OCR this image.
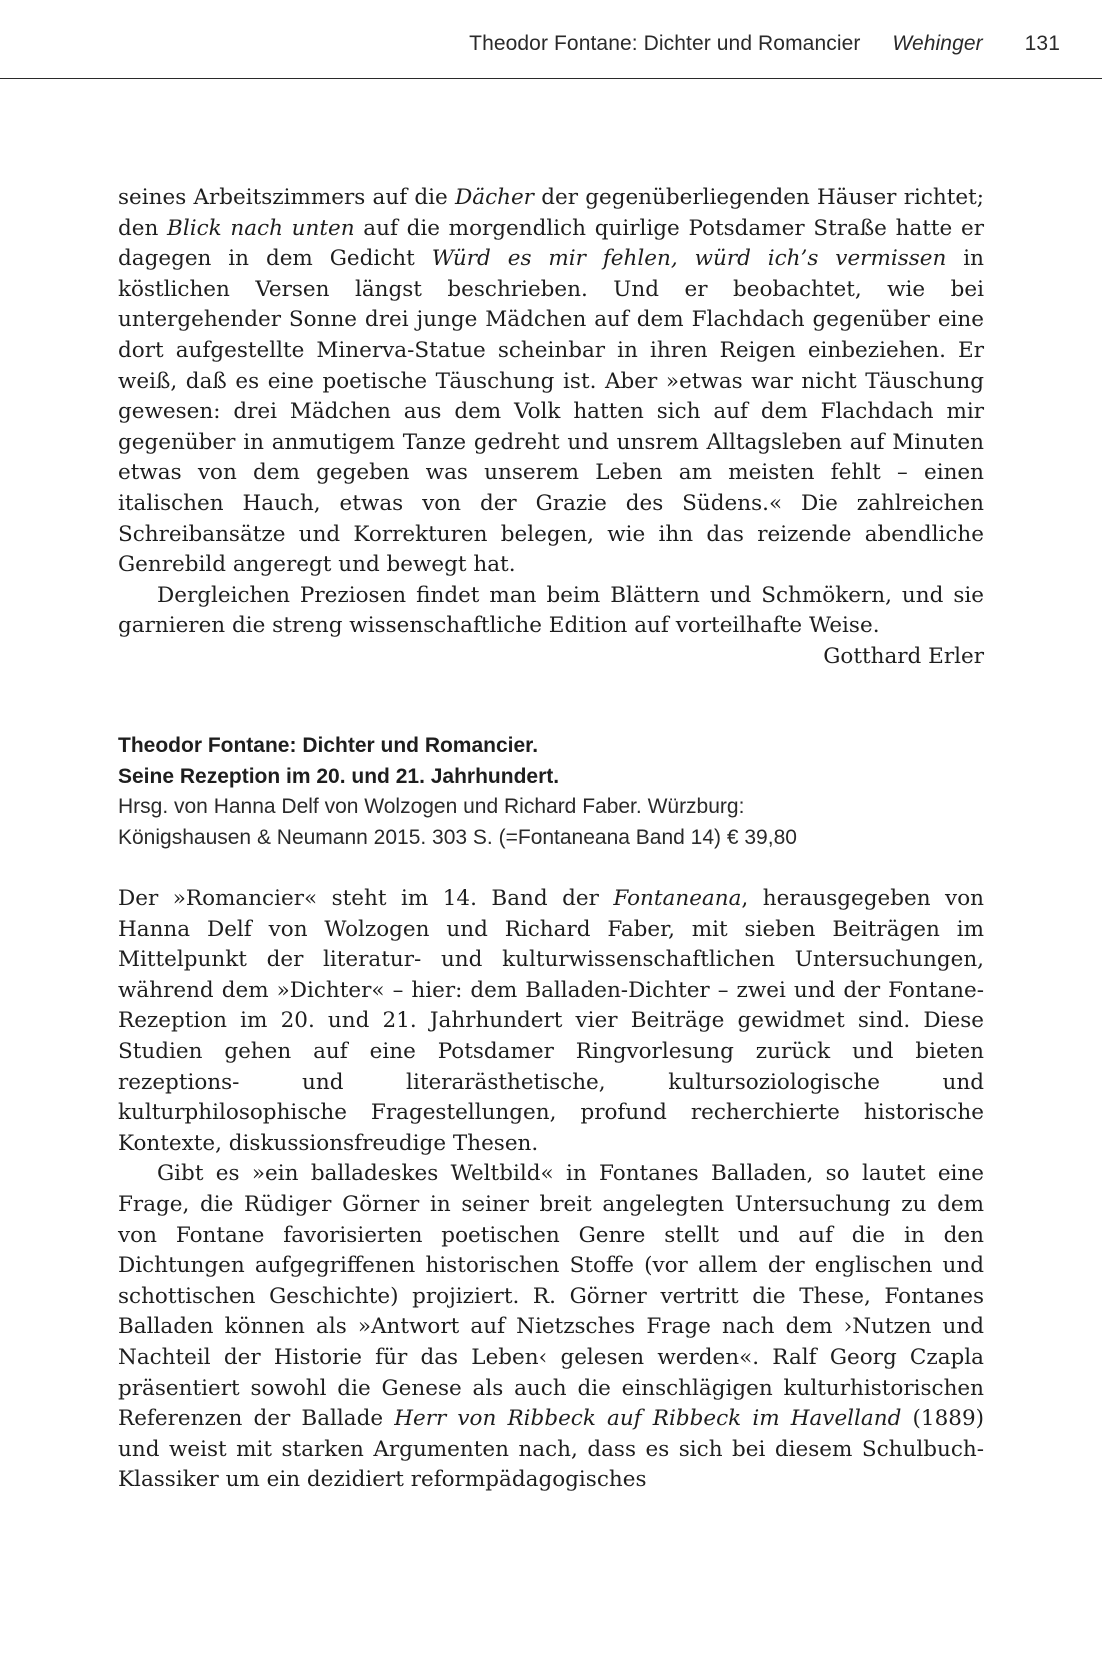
Theodor Fontane: Dichter und Romancier Wehinger 131

seines Arbeitszimmers auf die Dächer der gegenüberliegenden Häuser richtet; den Blick nach unten auf die morgendlich quirlige Potsdamer Straße hatte er dagegen in dem Gedicht Würd es mir fehlen, würd ich’s vermissen in köstlichen Versen längst beschrieben. Und er beobachtet, wie bei untergehender Sonne drei junge Mädchen auf dem Flachdach gegenüber eine dort aufgestellte Minerva-Statue scheinbar in ihren Reigen einbeziehen. Er weiß, daß es eine poetische Täuschung ist. Aber »etwas war nicht Täuschung gewesen: drei Mädchen aus dem Volk hatten sich auf dem Flachdach mir gegenüber in anmutigem Tanze gedreht und unsrem Alltagsleben auf Minuten etwas von dem gegeben was unserem Leben am meisten fehlt – einen italischen Hauch, etwas von der Grazie des Südens.« Die zahlreichen Schreibansätze und Korrekturen belegen, wie ihn das reizende abendliche Genrebild angeregt und bewegt hat.

Dergleichen Preziosen findet man beim Blättern und Schmökern, und sie garnieren die streng wissenschaftliche Edition auf vorteilhafte Weise.

Gotthard Erler

Theodor Fontane: Dichter und Romancier.
Seine Rezeption im 20. und 21. Jahrhundert.
Hrsg. von Hanna Delf von Wolzogen und Richard Faber. Würzburg:
Königshausen & Neumann 2015. 303 S. (=Fontaneana Band 14) € 39,80

Der »Romancier« steht im 14. Band der Fontaneana, herausgegeben von Hanna Delf von Wolzogen und Richard Faber, mit sieben Beiträgen im Mittelpunkt der literatur- und kulturwissenschaftlichen Untersuchungen, während dem »Dichter« – hier: dem Balladen-Dichter – zwei und der Fontane-Rezeption im 20. und 21. Jahrhundert vier Beiträge gewidmet sind. Diese Studien gehen auf eine Potsdamer Ringvorlesung zurück und bieten rezeptions- und literarästhetische, kultursoziologische und kulturphilosophische Fragestellungen, profund recherchierte historische Kontexte, diskussionsfreudige Thesen.

Gibt es »ein balladeskes Weltbild« in Fontanes Balladen, so lautet eine Frage, die Rüdiger Görner in seiner breit angelegten Untersuchung zu dem von Fontane favorisierten poetischen Genre stellt und auf die in den Dichtungen aufgegriffenen historischen Stoffe (vor allem der englischen und schottischen Geschichte) projiziert. R. Görner vertritt die These, Fontanes Balladen können als »Antwort auf Nietzsches Frage nach dem ›Nutzen und Nachteil der Historie für das Leben‹ gelesen werden«. Ralf Georg Czapla präsentiert sowohl die Genese als auch die einschlägigen kulturhistorischen Referenzen der Ballade Herr von Ribbeck auf Ribbeck im Havelland (1889) und weist mit starken Argumenten nach, dass es sich bei diesem Schulbuch-Klassiker um ein dezidiert reformpädagogisches
